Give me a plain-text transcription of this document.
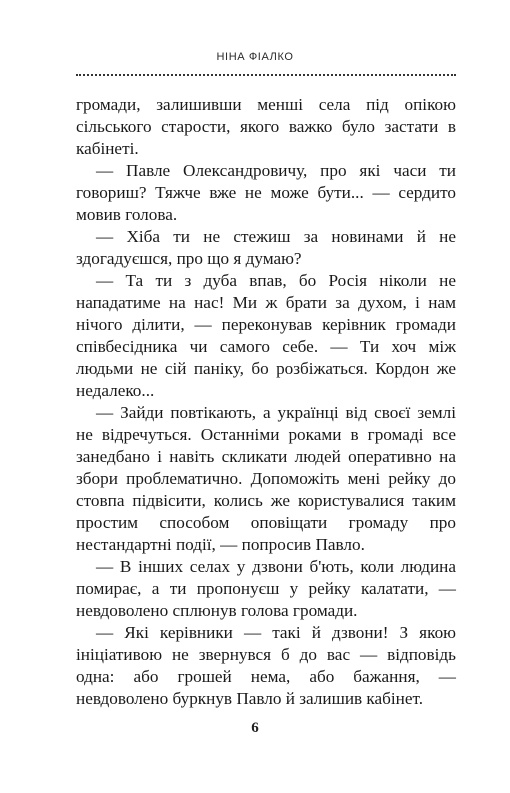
НІНА ФІАЛКО

громади, залишивши менші села під опікою сільського старости, якого важко було застати в кабінеті.

— Павле Олександровичу, про які часи ти говориш? Тяжче вже не може бути... — сердито мовив голова.

— Хіба ти не стежиш за новинами й не здогадуєшся, про що я думаю?

— Та ти з дуба впав, бо Росія ніколи не нападатиме на нас! Ми ж брати за духом, і нам нічого ділити, — переконував керівник громади співбесідника чи самого себе. — Ти хоч між людьми не сій паніку, бо розбіжаться. Кордон же недалеко...

— Зайди повтікають, а українці від своєї землі не відречуться. Останніми роками в громаді все занедбано і навіть скликати людей оперативно на збори проблематично. Допоможіть мені рейку до стовпа підвісити, колись же користувалися таким простим способом оповіщати громаду про нестандартні події, — попросив Павло.

— В інших селах у дзвони б'ють, коли людина помирає, а ти пропонуєш у рейку калатати, — невдоволено сплюнув голова громади.

— Які керівники — такі й дзвони! З якою ініціативою не звернувся б до вас — відповідь одна: або грошей нема, або бажання, — невдоволено буркнув Павло й залишив кабінет.

6
